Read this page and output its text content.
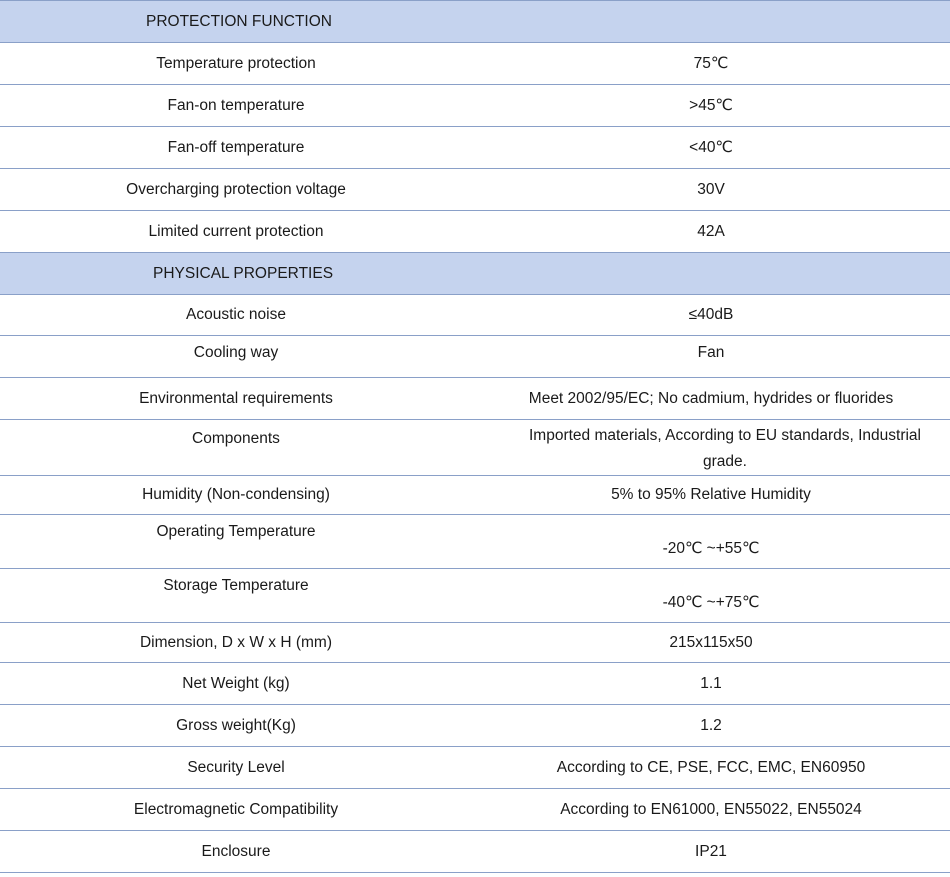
PROTECTION FUNCTION	
Temperature protection	75℃
Fan-on temperature	>45℃
Fan-off temperature	<40℃
Overcharging protection voltage	30V
Limited current protection	42A
PHYSICAL PROPERTIES	
Acoustic noise	≤40dB
Cooling way	Fan
Environmental requirements	Meet 2002/95/EC; No cadmium, hydrides or fluorides
Components	Imported materials, According to EU standards, Industrial grade.
Humidity (Non-condensing)	5% to 95% Relative Humidity
Operating Temperature	-20℃ ~+55℃
Storage Temperature	-40℃ ~+75℃
Dimension, D x W x H (mm)	215x115x50
Net Weight (kg)	1.1
Gross weight(Kg)	1.2
Security Level	According to CE, PSE, FCC, EMC, EN60950
Electromagnetic Compatibility	According to EN61000, EN55022, EN55024
Enclosure	IP21
